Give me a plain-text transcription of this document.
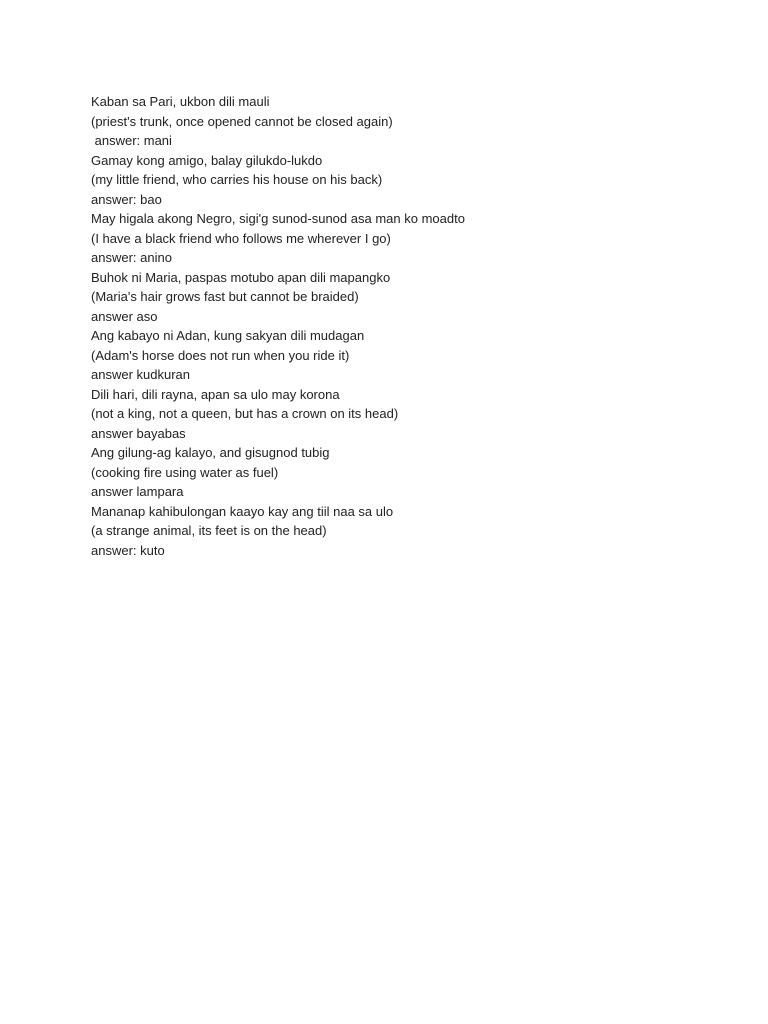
Kaban sa Pari, ukbon dili mauli
(priest's trunk, once opened cannot be closed again)
answer: mani
Gamay kong amigo, balay gilukdo-lukdo
(my little friend, who carries his house on his back)
answer: bao
May higala akong Negro, sigi'g sunod-sunod asa man ko moadto
(I have a black friend who follows me wherever I go)
answer: anino
Buhok ni Maria, paspas motubo apan dili mapangko
(Maria's hair grows fast but cannot be braided)
answer aso
Ang kabayo ni Adan, kung sakyan dili mudagan
(Adam's horse does not run when you ride it)
answer kudkuran
Dili hari, dili rayna, apan sa ulo may korona
(not a king, not a queen, but has a crown on its head)
answer bayabas
Ang gilung-ag kalayo, and gisugnod tubig
(cooking fire using water as fuel)
answer lampara
Mananap kahibulongan kaayo kay ang tiil naa sa ulo
(a strange animal, its feet is on the head)
answer: kuto
